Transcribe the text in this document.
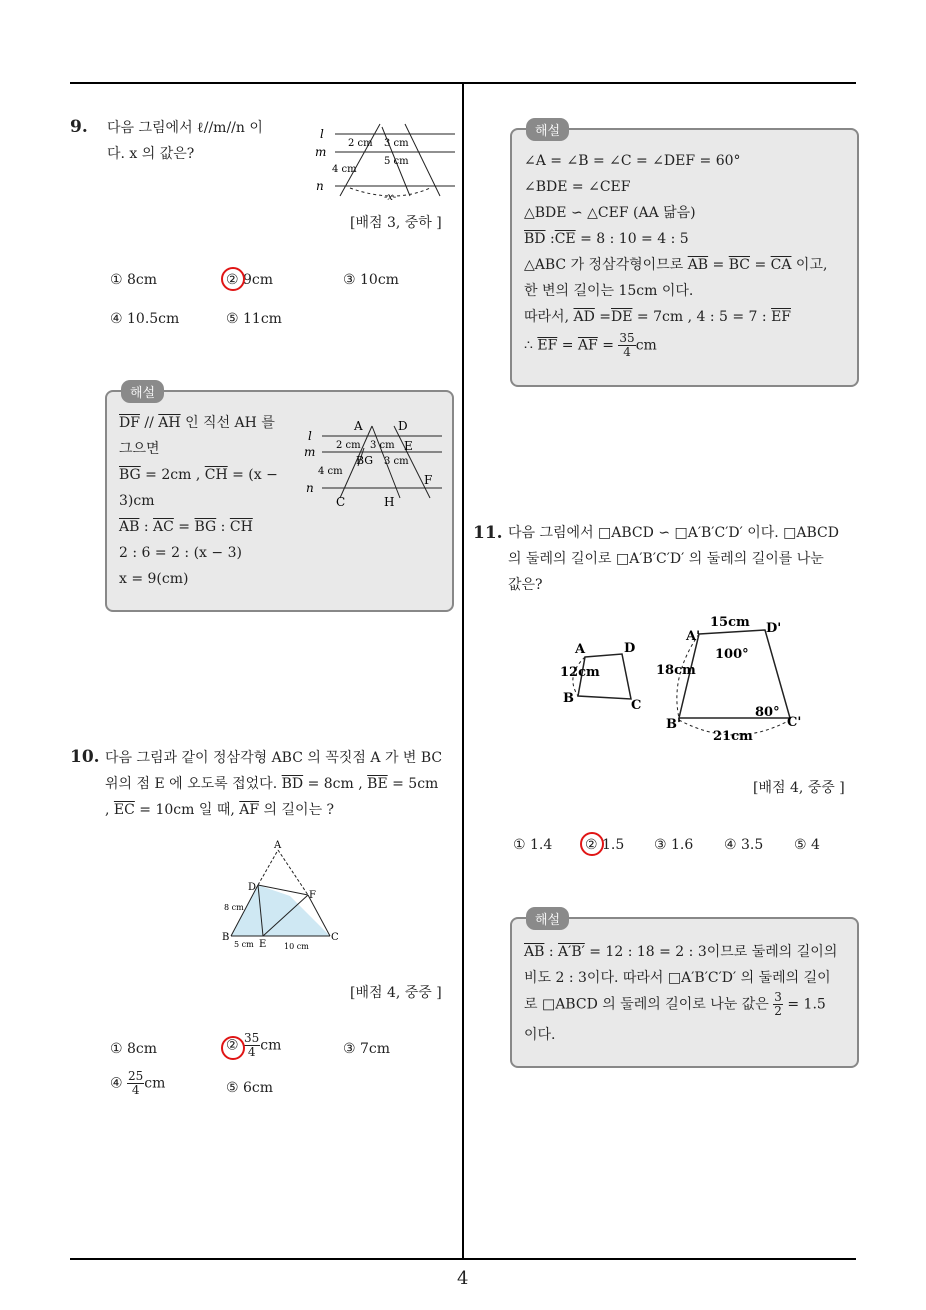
9. 다음 그림에서 ℓ//m//n 이
다. x 의 값은?
l
m
n
2 cm 3 cm
4 cm
5 cm
-x-
[배점 3, 중하 ]
① 8cm	② 9cm	③ 10cm
④ 10.5cm	⑤ 11cm
해설
$\overline{DF} // \overline{AH}$ 인 직선 AH 를
그으면
$\overline{BG} = 2cm$ , $\overline{CH} = (x$ −
3)cm
$\overline{AB}$ : $\overline{AC} = \overline{BG}$ : $\overline{CH}$
2 : 6 = 2 : (x − 3)
x = 9(cm)
A	D
l
m
n
2 cm 3 cm E
BG 3 cm
4 cm
F
C	H
10. 다음 그림과 같이 정삼각형 ABC 의 꼭짓점 A 가 변 BC
위의 점 E 에 오도록 접었다. $\overline{BD} = 8cm$ , $\overline{BE} = 5cm$
, $\overline{EC} = 10cm$ 일 때, $\overline{AF}$ 의 길이는 ?
A
D
F
8 cm
B
5 cm E 10 cm
C
[배점 4, 중중 ]
① 8cm	② $\frac{35}{4}$ cm	③ 7cm
④ $\frac{25}{4}$ cm	⑤ 6cm
해설
∠A = ∠B = ∠C = ∠DEF = 60°
∠BDE = ∠CEF
△BDE ∽ △CEF (AA 닮음)
$\overline{BD}$ $:\overline{CE} = 8$ : 10 = 4 : 5
△ABC 가 정삼각형이므로 $\overline{AB} = \overline{BC} = \overline{CA}$ 이고,
한 변의 길이는 15cm 이다.
따라서, $\overline{AD} =\overline{DE} = 7cm$ , 4 : 5 = 7 : $\overline{EF}$
∴ $\overline{EF} = \overline{AF} = \frac{35}{4}$ cm
11. 다음 그림에서 □ABCD ∽ □A′B′C′D′ 이다. □ABCD
의 둘레의 길이로 □A′B′C′D′ 의 둘레의 길이를 나눈
값은?
A	D
12cm
B	C
15cm D'
A'
100°
18cm
80°
B'	C'
21cm
[배점 4, 중중 ]
① 1.4 ② 1.5 ③ 1.6 ④ 3.5 ⑤ 4
해설
$\overline{AB}$ : A′B′ = 12 : 18 = 2 : 3이므로 둘레의 길이의
비도 2 : 3이다. 따라서 □A′B′C′D′ 의 둘레의 길이
로 □ABCD 의 둘레의 길이로 나눈 값은 $\frac{3}{2} = 1.5$
이다.
4
